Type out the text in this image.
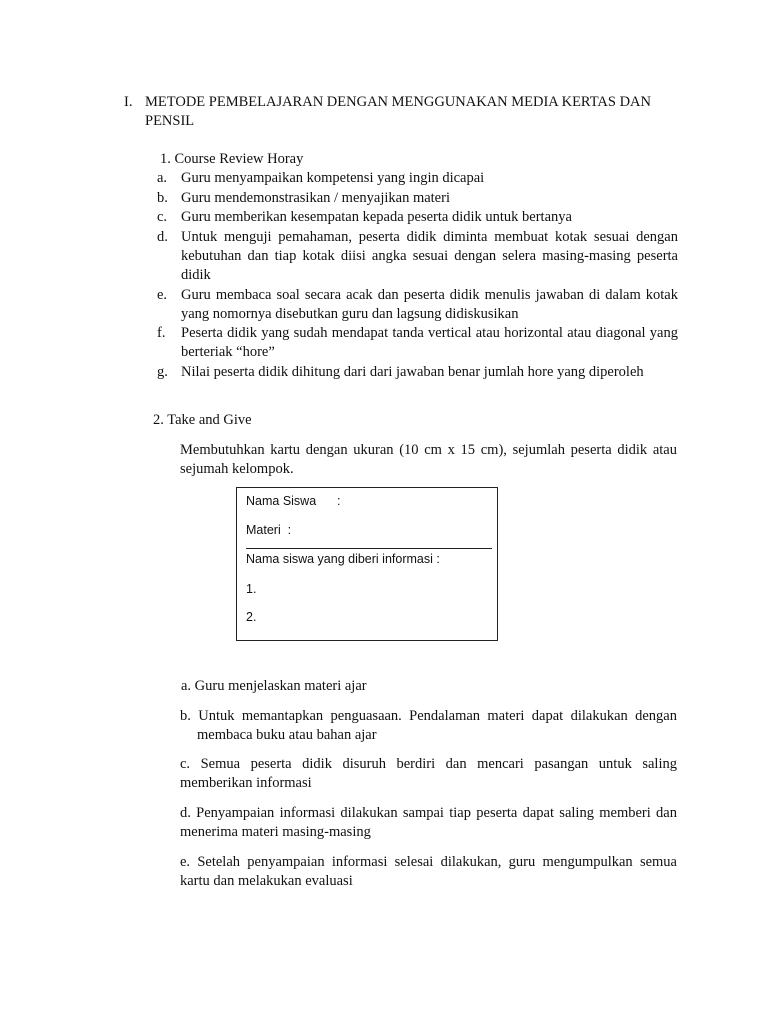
I. METODE PEMBELAJARAN DENGAN MENGGUNAKAN MEDIA KERTAS DAN
PENSIL
1. Course Review Horay
a. Guru menyampaikan kompetensi yang ingin dicapai
b. Guru mendemonstrasikan / menyajikan materi
c. Guru memberikan kesempatan kepada peserta didik untuk bertanya
d. Untuk menguji pemahaman, peserta didik diminta membuat kotak sesuai dengan kebutuhan dan tiap kotak diisi angka sesuai dengan selera masing-masing peserta didik
e. Guru membaca soal secara acak dan peserta didik menulis jawaban di dalam kotak yang nomornya disebutkan guru dan lagsung didiskusikan
f. Peserta didik yang sudah mendapat tanda vertical atau horizontal atau diagonal yang berteriak “hore”
g. Nilai peserta didik dihitung dari dari jawaban benar jumlah hore yang diperoleh
2. Take and Give
Membutuhkan kartu dengan ukuran (10 cm x 15 cm), sejumlah peserta didik atau sejumah kelompok.
Nama Siswa      :
Materi  :
Nama siswa yang diberi informasi :
1.
2.
a. Guru menjelaskan materi ajar
b. Untuk memantapkan penguasaan. Pendalaman materi dapat dilakukan dengan membaca buku atau bahan ajar
c. Semua peserta didik disuruh berdiri dan mencari pasangan untuk saling memberikan informasi
d. Penyampaian informasi dilakukan sampai tiap peserta dapat saling memberi dan menerima materi masing-masing
e. Setelah penyampaian informasi selesai dilakukan, guru mengumpulkan semua kartu dan melakukan evaluasi
